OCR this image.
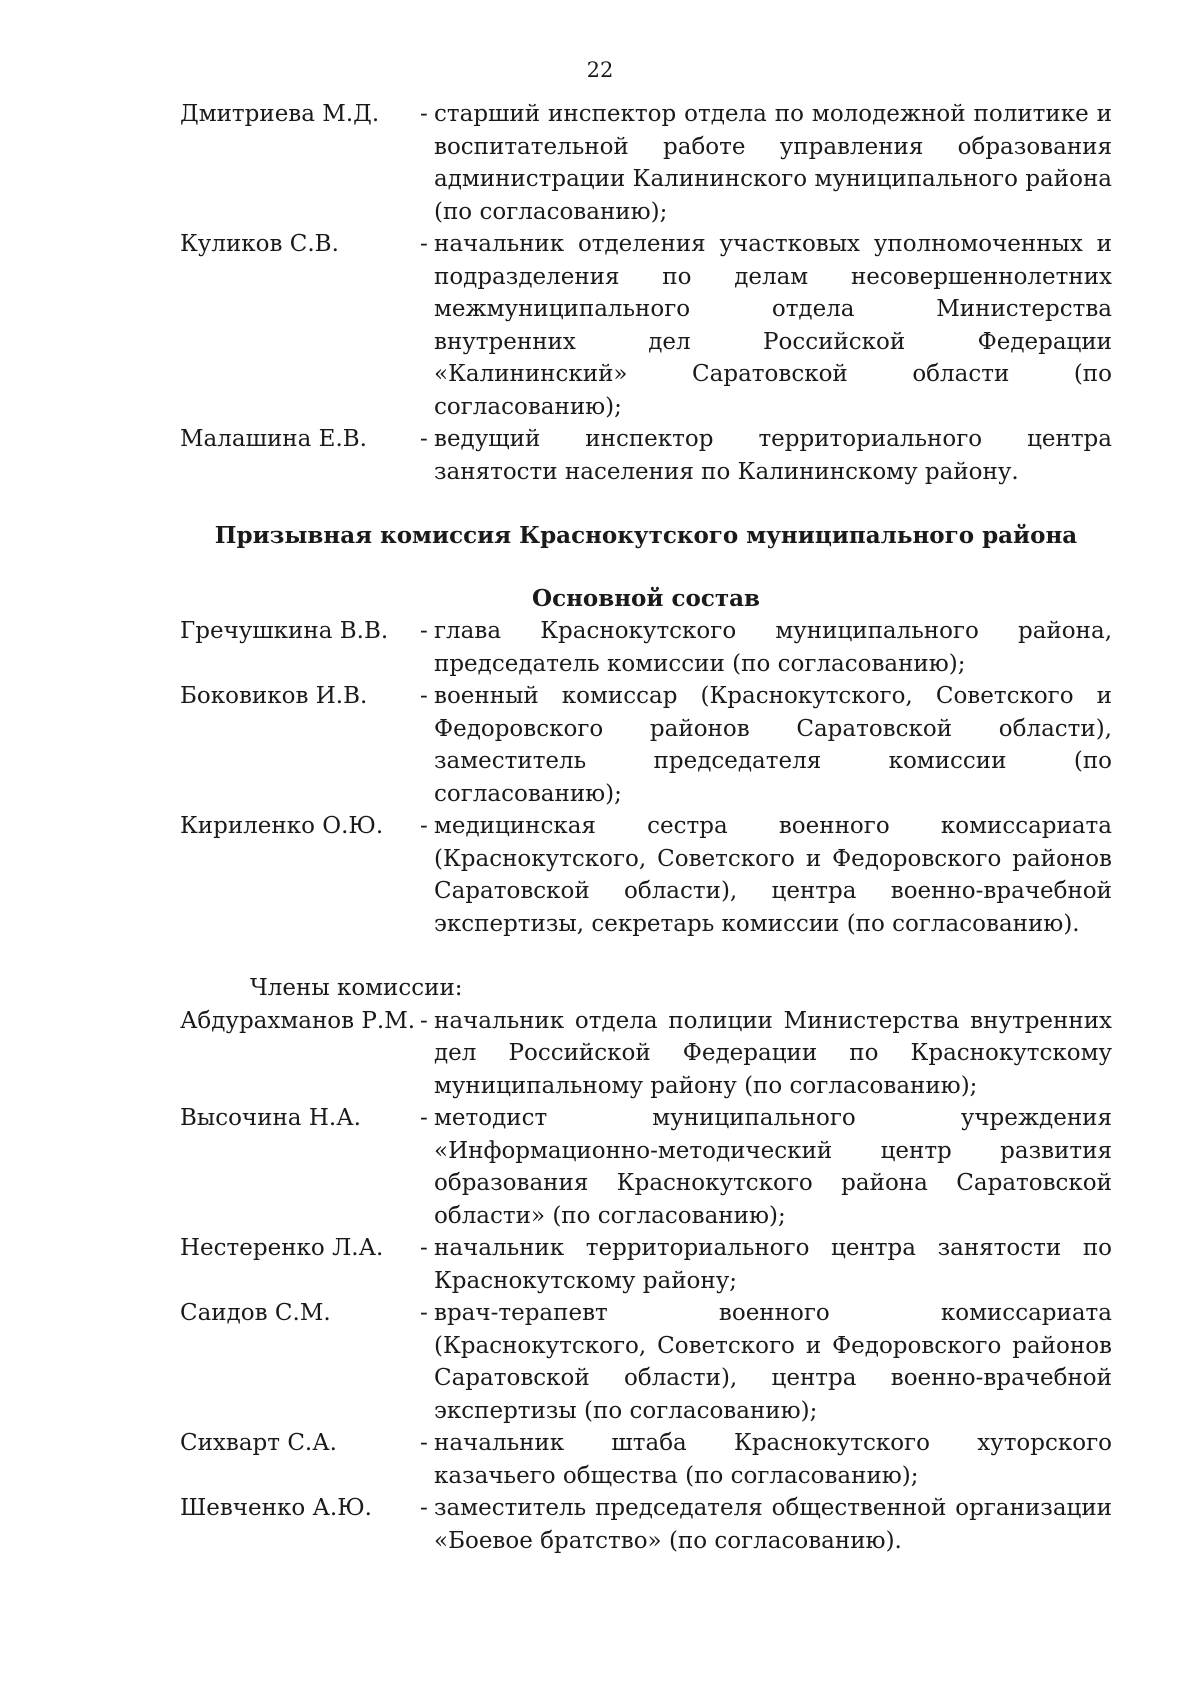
22
Дмитриева М.Д.	- старший инспектор отдела по молодежной политике и воспитательной работе управления образования администрации Калининского муниципального района (по согласованию);
Куликов С.В.	- начальник отделения участковых уполномоченных и подразделения по делам несовершеннолетних межмуниципального отдела Министерства внутренних дел Российской Федерации «Калининский» Саратовской области (по согласованию);
Малашина Е.В.	- ведущий инспектор территориального центра занятости населения по Калининскому району.
Призывная комиссия Краснокутского муниципального района
Основной состав
Гречушкина В.В.	- глава Краснокутского муниципального района, председатель комиссии (по согласованию);
Боковиков И.В.	- военный комиссар (Краснокутского, Советского и Федоровского районов Саратовской области), заместитель председателя комиссии (по согласованию);
Кириленко О.Ю.	- медицинская сестра военного комиссариата (Краснокутского, Советского и Федоровского районов Саратовской области), центра военно-врачебной экспертизы, секретарь комиссии (по согласованию).
Члены комиссии:
Абдурахманов Р.М. - начальник отдела полиции Министерства внутренних дел Российской Федерации по Краснокутскому муниципальному району (по согласованию);
Высочина Н.А.	- методист муниципального учреждения «Информационно-методический центр развития образования Краснокутского района Саратовской области» (по согласованию);
Нестеренко Л.А.	- начальник территориального центра занятости по Краснокутскому району;
Саидов С.М.	- врач-терапевт военного комиссариата (Краснокутского, Советского и Федоровского районов Саратовской области), центра военно-врачебной экспертизы (по согласованию);
Сихварт С.А.	- начальник штаба Краснокутского хуторского казачьего общества (по согласованию);
Шевченко А.Ю.	- заместитель председателя общественной организации «Боевое братство» (по согласованию).
